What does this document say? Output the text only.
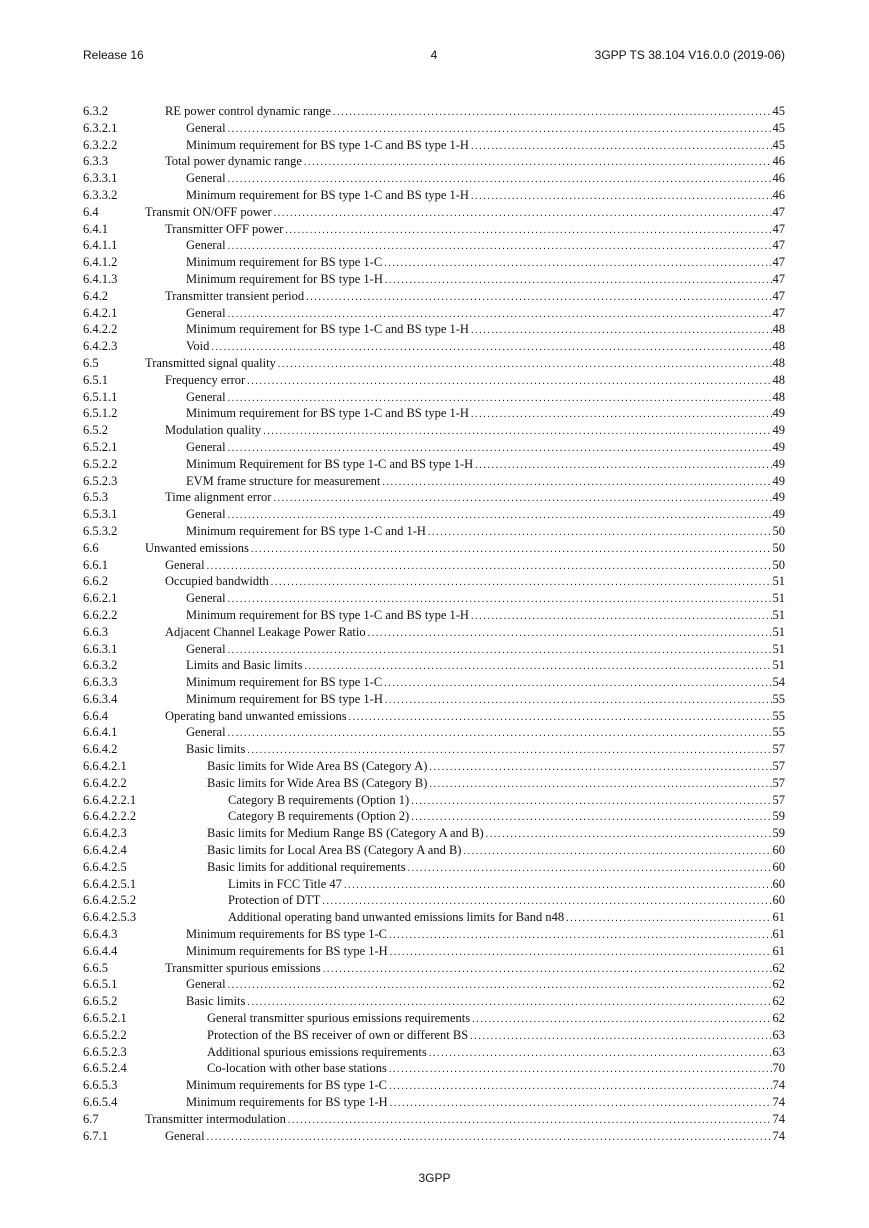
Release 16	4	3GPP TS 38.104 V16.0.0 (2019-06)
6.3.2	RE power control dynamic range .....	45
6.3.2.1	General .....	45
6.3.2.2	Minimum requirement for BS type 1-C and BS type 1-H .....	45
6.3.3	Total power dynamic range .....	46
6.3.3.1	General .....	46
6.3.3.2	Minimum requirement for BS type 1-C and BS type 1-H .....	46
6.4	Transmit ON/OFF power .....	47
6.4.1	Transmitter OFF power .....	47
6.4.1.1	General .....	47
6.4.1.2	Minimum requirement for BS type 1-C .....	47
6.4.1.3	Minimum requirement for BS type 1-H .....	47
6.4.2	Transmitter transient period .....	47
6.4.2.1	General .....	47
6.4.2.2	Minimum requirement for BS type 1-C and BS type 1-H .....	48
6.4.2.3	Void .....	48
6.5	Transmitted signal quality .....	48
6.5.1	Frequency error .....	48
6.5.1.1	General .....	48
6.5.1.2	Minimum requirement for BS type 1-C and BS type 1-H .....	49
6.5.2	Modulation quality .....	49
6.5.2.1	General .....	49
6.5.2.2	Minimum Requirement for BS type 1-C and BS type 1-H .....	49
6.5.2.3	EVM frame structure for measurement .....	49
6.5.3	Time alignment error .....	49
6.5.3.1	General .....	49
6.5.3.2	Minimum requirement for BS type 1-C and 1-H .....	50
6.6	Unwanted emissions .....	50
6.6.1	General .....	50
6.6.2	Occupied bandwidth .....	51
6.6.2.1	General .....	51
6.6.2.2	Minimum requirement for BS type 1-C and BS type 1-H .....	51
6.6.3	Adjacent Channel Leakage Power Ratio .....	51
6.6.3.1	General .....	51
6.6.3.2	Limits and Basic limits .....	51
6.6.3.3	Minimum requirement for BS type 1-C .....	54
6.6.3.4	Minimum requirement for BS type 1-H .....	55
6.6.4	Operating band unwanted emissions .....	55
6.6.4.1	General .....	55
6.6.4.2	Basic limits .....	57
6.6.4.2.1	Basic limits for Wide Area BS (Category A) .....	57
6.6.4.2.2	Basic limits for Wide Area BS (Category B) .....	57
6.6.4.2.2.1	Category B requirements (Option 1) .....	57
6.6.4.2.2.2	Category B requirements (Option 2) .....	59
6.6.4.2.3	Basic limits for Medium Range BS (Category A and B) .....	59
6.6.4.2.4	Basic limits for Local Area BS (Category A and B) .....	60
6.6.4.2.5	Basic limits for additional requirements .....	60
6.6.4.2.5.1	Limits in FCC Title 47 .....	60
6.6.4.2.5.2	Protection of DTT .....	60
6.6.4.2.5.3	Additional operating band unwanted emissions limits for Band n48 .....	61
6.6.4.3	Minimum requirements for BS type 1-C .....	61
6.6.4.4	Minimum requirements for BS type 1-H .....	61
6.6.5	Transmitter spurious emissions .....	62
6.6.5.1	General .....	62
6.6.5.2	Basic limits .....	62
6.6.5.2.1	General transmitter spurious emissions requirements .....	62
6.6.5.2.2	Protection of the BS receiver of own or different BS .....	63
6.6.5.2.3	Additional spurious emissions requirements .....	63
6.6.5.2.4	Co-location with other base stations .....	70
6.6.5.3	Minimum requirements for BS type 1-C .....	74
6.6.5.4	Minimum requirements for BS type 1-H .....	74
6.7	Transmitter intermodulation .....	74
6.7.1	General .....	74
3GPP
